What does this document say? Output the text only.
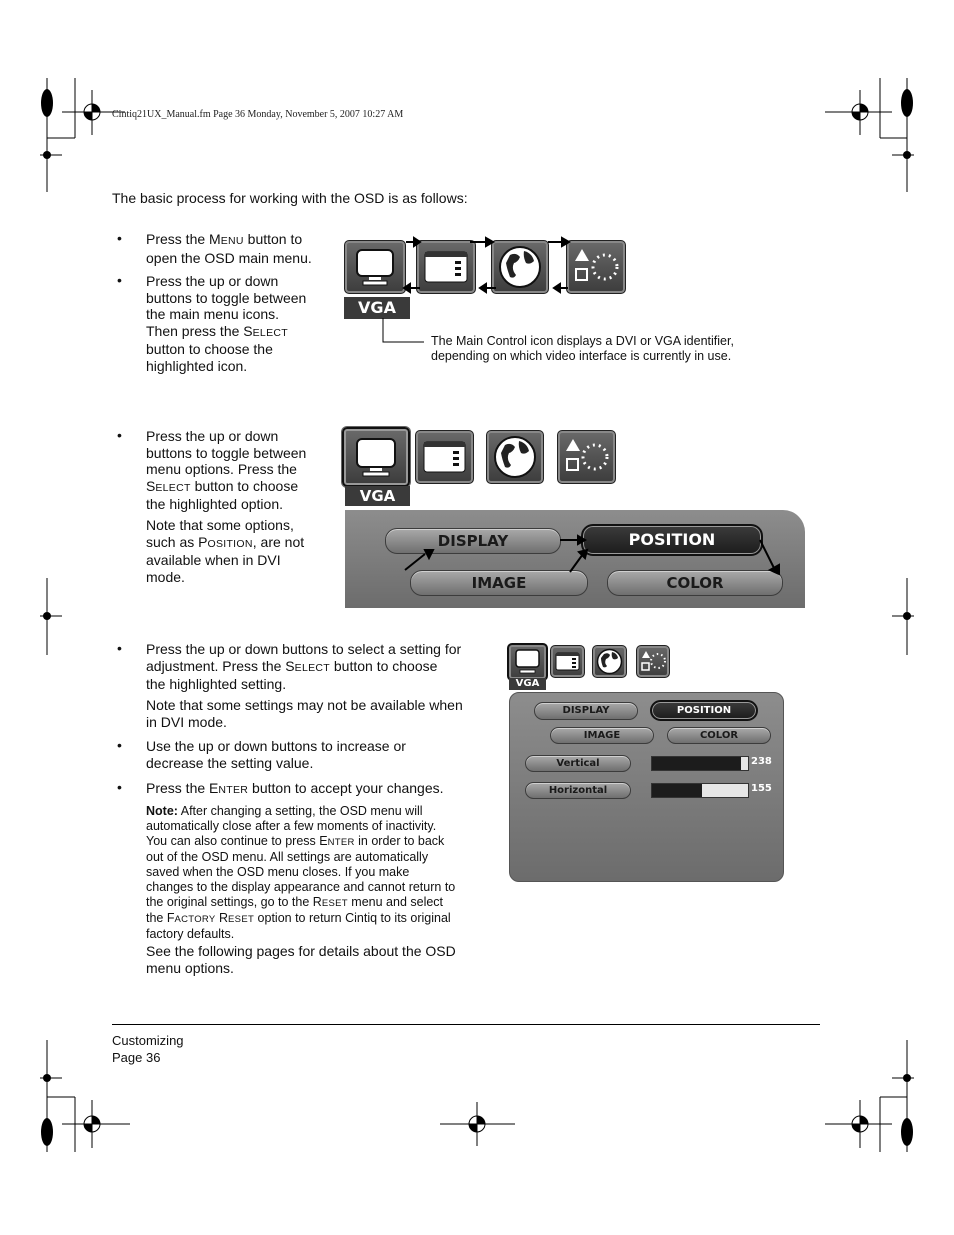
Cintiq21UX_Manual.fm Page 36 Monday, November 5, 2007 10:27 AM
The basic process for working with the OSD is as follows:
• Press the MENU button to
open the OSD main menu.
• Press the up or down
buttons to toggle between
the main menu icons.
Then press the SELECT
button to choose the
highlighted icon.
VGA
The Main Control icon displays a DVI or VGA identifier,
depending on which video interface is currently in use.
• Press the up or down
buttons to toggle between
menu options. Press the
SELECT button to choose
the highlighted option.
Note that some options,
such as POSITION, are not
available when in DVI
mode.
VGA
DISPLAY	POSITION
IMAGE	COLOR
• Press the up or down buttons to select a setting for
adjustment. Press the SELECT button to choose
the highlighted setting.
Note that some settings may not be available when
in DVI mode.
• Use the up or down buttons to increase or
decrease the setting value.
• Press the ENTER button to accept your changes.
Note: After changing a setting, the OSD menu will
automatically close after a few moments of inactivity.
You can also continue to press ENTER in order to back
out of the OSD menu. All settings are automatically
saved when the OSD menu closes. If you make
changes to the display appearance and cannot return to
the original settings, go to the RESET menu and select
the FACTORY RESET option to return Cintiq to its original
factory defaults.
See the following pages for details about the OSD
menu options.
VGA
DISPLAY	POSITION
IMAGE	COLOR
Vertical	238
Horizontal	155
Customizing
Page 36
